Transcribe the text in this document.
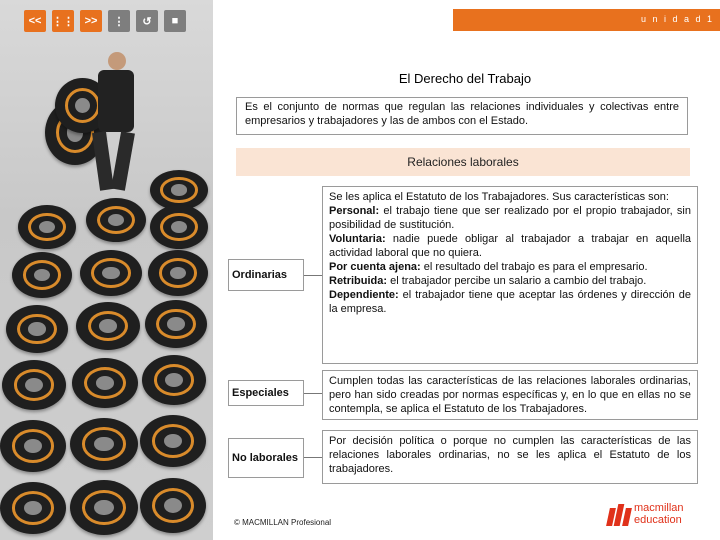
<< ⋮⋮ >> ⋮ ↺ ■	u n i d a d 1
El Derecho del Trabajo
Es el conjunto de normas que regulan las relaciones individuales y colectivas entre empresarios y trabajadores y las de ambos con el Estado.
Relaciones laborales
Ordinarias
Se les aplica el Estatuto de los Trabajadores. Sus características son:
Personal: el trabajo tiene que ser realizado por el propio trabajador, sin posibilidad de sustitución.
Voluntaria: nadie puede obligar al trabajador a trabajar en aquella actividad laboral que no quiera.
Por cuenta ajena: el resultado del trabajo es para el empresario.
Retribuida: el trabajador percibe un salario a cambio del trabajo.
Dependiente: el trabajador tiene que aceptar las órdenes y dirección de la empresa.
Especiales
Cumplen todas las características de las relaciones laborales ordinarias, pero han sido creadas por normas específicas y, en lo que en ellas no se contempla, se aplica el Estatuto de los Trabajadores.
No laborales
Por decisión política o porque no cumplen las características de las relaciones laborales ordinarias, no se les aplica el Estatuto de los trabajadores.
© MACMILLAN Profesional
macmillan
education
